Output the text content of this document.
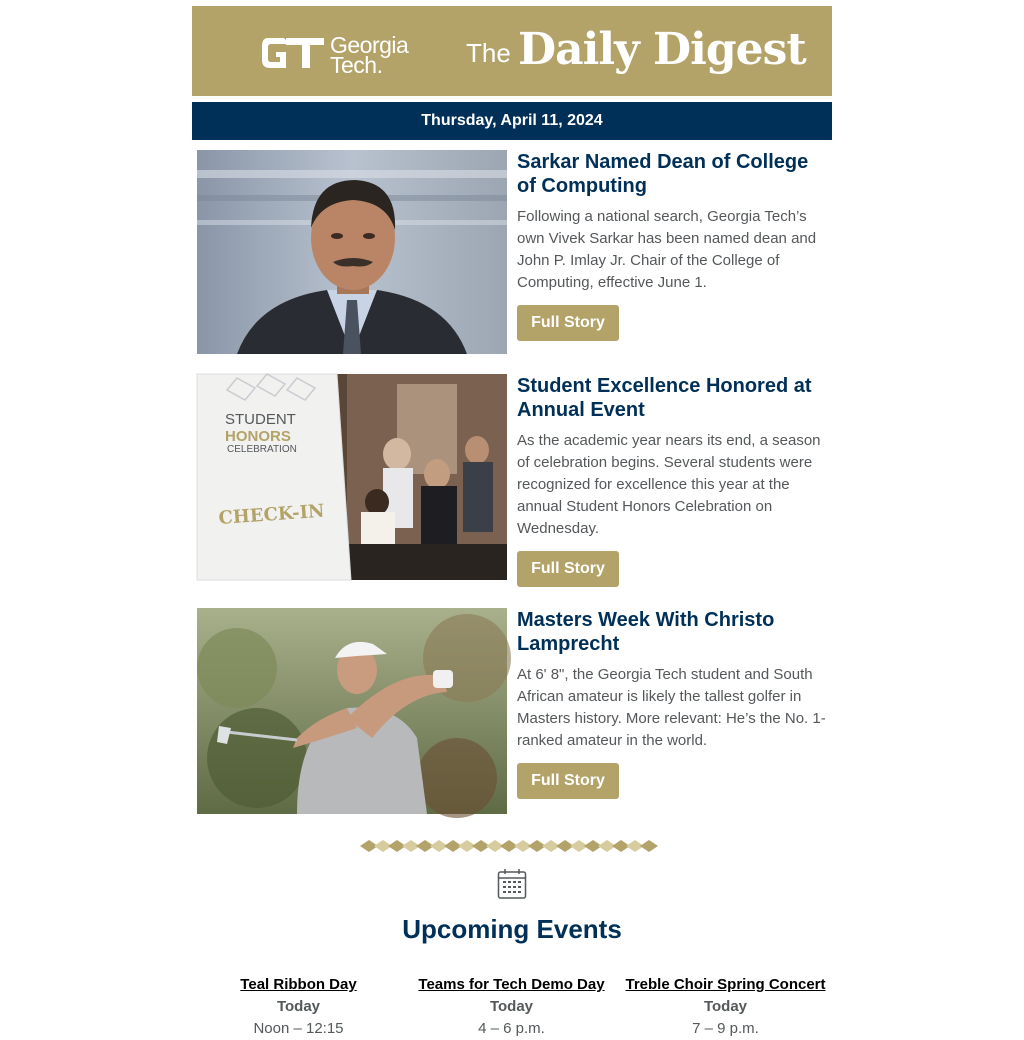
Georgia
Tech.	The Daily Digest
Thursday, April 11, 2024
Sarkar Named Dean of College of Computing

Following a national search, Georgia Tech’s own Vivek Sarkar has been named dean and John P. Imlay Jr. Chair of the College of Computing, effective June 1.

Full Story
STUDENT
HONORS
CELEBRATION
CHECK-IN
Student Excellence Honored at Annual Event

As the academic year nears its end, a season of celebration begins. Several students were recognized for excellence this year at the annual Student Honors Celebration on Wednesday.

Full Story
Masters Week With Christo Lamprecht

At 6' 8", the Georgia Tech student and South African amateur is likely the tallest golfer in Masters history. More relevant: He’s the No. 1-ranked amateur in the world.

Full Story
Upcoming Events
Teal Ribbon Day
Today
Noon – 12:15
Teams for Tech Demo Day
Today
4 – 6 p.m.
Treble Choir Spring Concert
Today
7 – 9 p.m.
